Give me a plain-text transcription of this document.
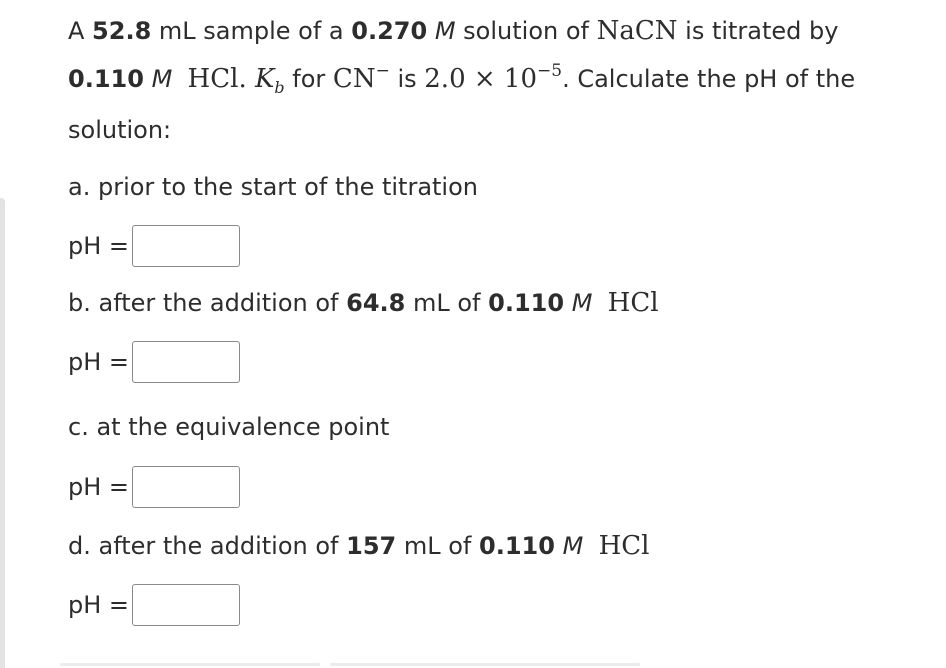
A 52.8 mL sample of a 0.270 M solution of NaCN is titrated by
0.110 M HCl. $K_b$ for CN− is $2.0 \times 10^{-5}$. Calculate the pH of the
solution:

a. prior to the start of the titration

pH =

b. after the addition of 64.8 mL of 0.110 M HCl

pH =

c. at the equivalence point

pH =

d. after the addition of 157 mL of 0.110 M HCl

pH =
